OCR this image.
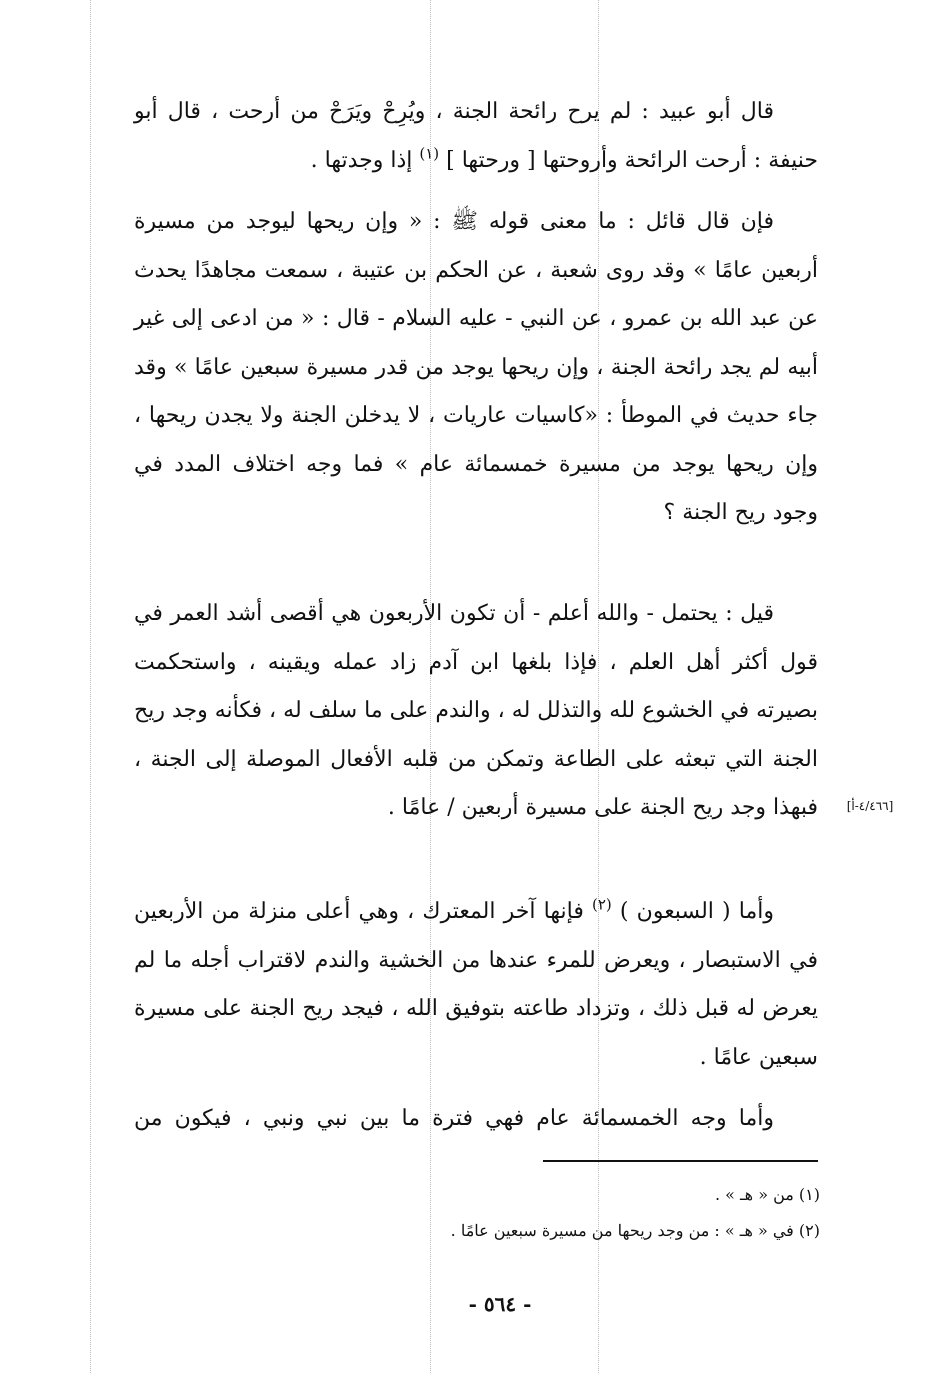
قال أبو عبيد : لم يرح رائحة الجنة ، ويُرِحْ ويَرَحْ من أرحت ، قال أبو حنيفة : أرحت الرائحة وأروحتها [ ورحتها ] $^{(١)}$ إذا وجدتها .

فإن قال قائل : ما معنى قوله ﷺ : « وإن ريحها ليوجد من مسيرة أربعين عامًا » وقد روى شعبة ، عن الحكم بن عتيبة ، سمعت مجاهدًا يحدث عن عبد الله بن عمرو ، عن النبي - عليه السلام - قال : « من ادعى إلى غير أبيه لم يجد رائحة الجنة ، وإن ريحها يوجد من قدر مسيرة سبعين عامًا » وقد جاء حديث في الموطأ : «كاسيات عاريات ، لا يدخلن الجنة ولا يجدن ريحها ، وإن ريحها يوجد من مسيرة خمسمائة عام » فما وجه اختلاف المدد في وجود ريح الجنة ؟

قيل : يحتمل - والله أعلم - أن تكون الأربعون هي أقصى أشد العمر في قول أكثر أهل العلم ، فإذا بلغها ابن آدم زاد عمله ويقينه ، واستحكمت بصيرته في الخشوع لله والتذلل له ، والندم على ما سلف له ، فكأنه وجد ريح الجنة التي تبعثه على الطاعة وتمكن من قلبه الأفعال الموصلة إلى الجنة ، فبهذا وجد ريح الجنة على مسيرة أربعين / عامًا .	[٤/٤٦٦-أ]

وأما ( السبعون ) $^{(٢)}$ فإنها آخر المعترك ، وهي أعلى منزلة من الأربعين في الاستبصار ، ويعرض للمرء عندها من الخشية والندم لاقتراب أجله ما لم يعرض له قبل ذلك ، وتزداد طاعته بتوفيق الله ، فيجد ريح الجنة على مسيرة سبعين عامًا .

وأما وجه الخمسمائة عام فهي فترة ما بين نبي ونبي ، فيكون من

(١) من « هـ » .
(٢) في « هـ » : من وجد ريحها من مسيرة سبعين عامًا .
- ٥٦٤ -
